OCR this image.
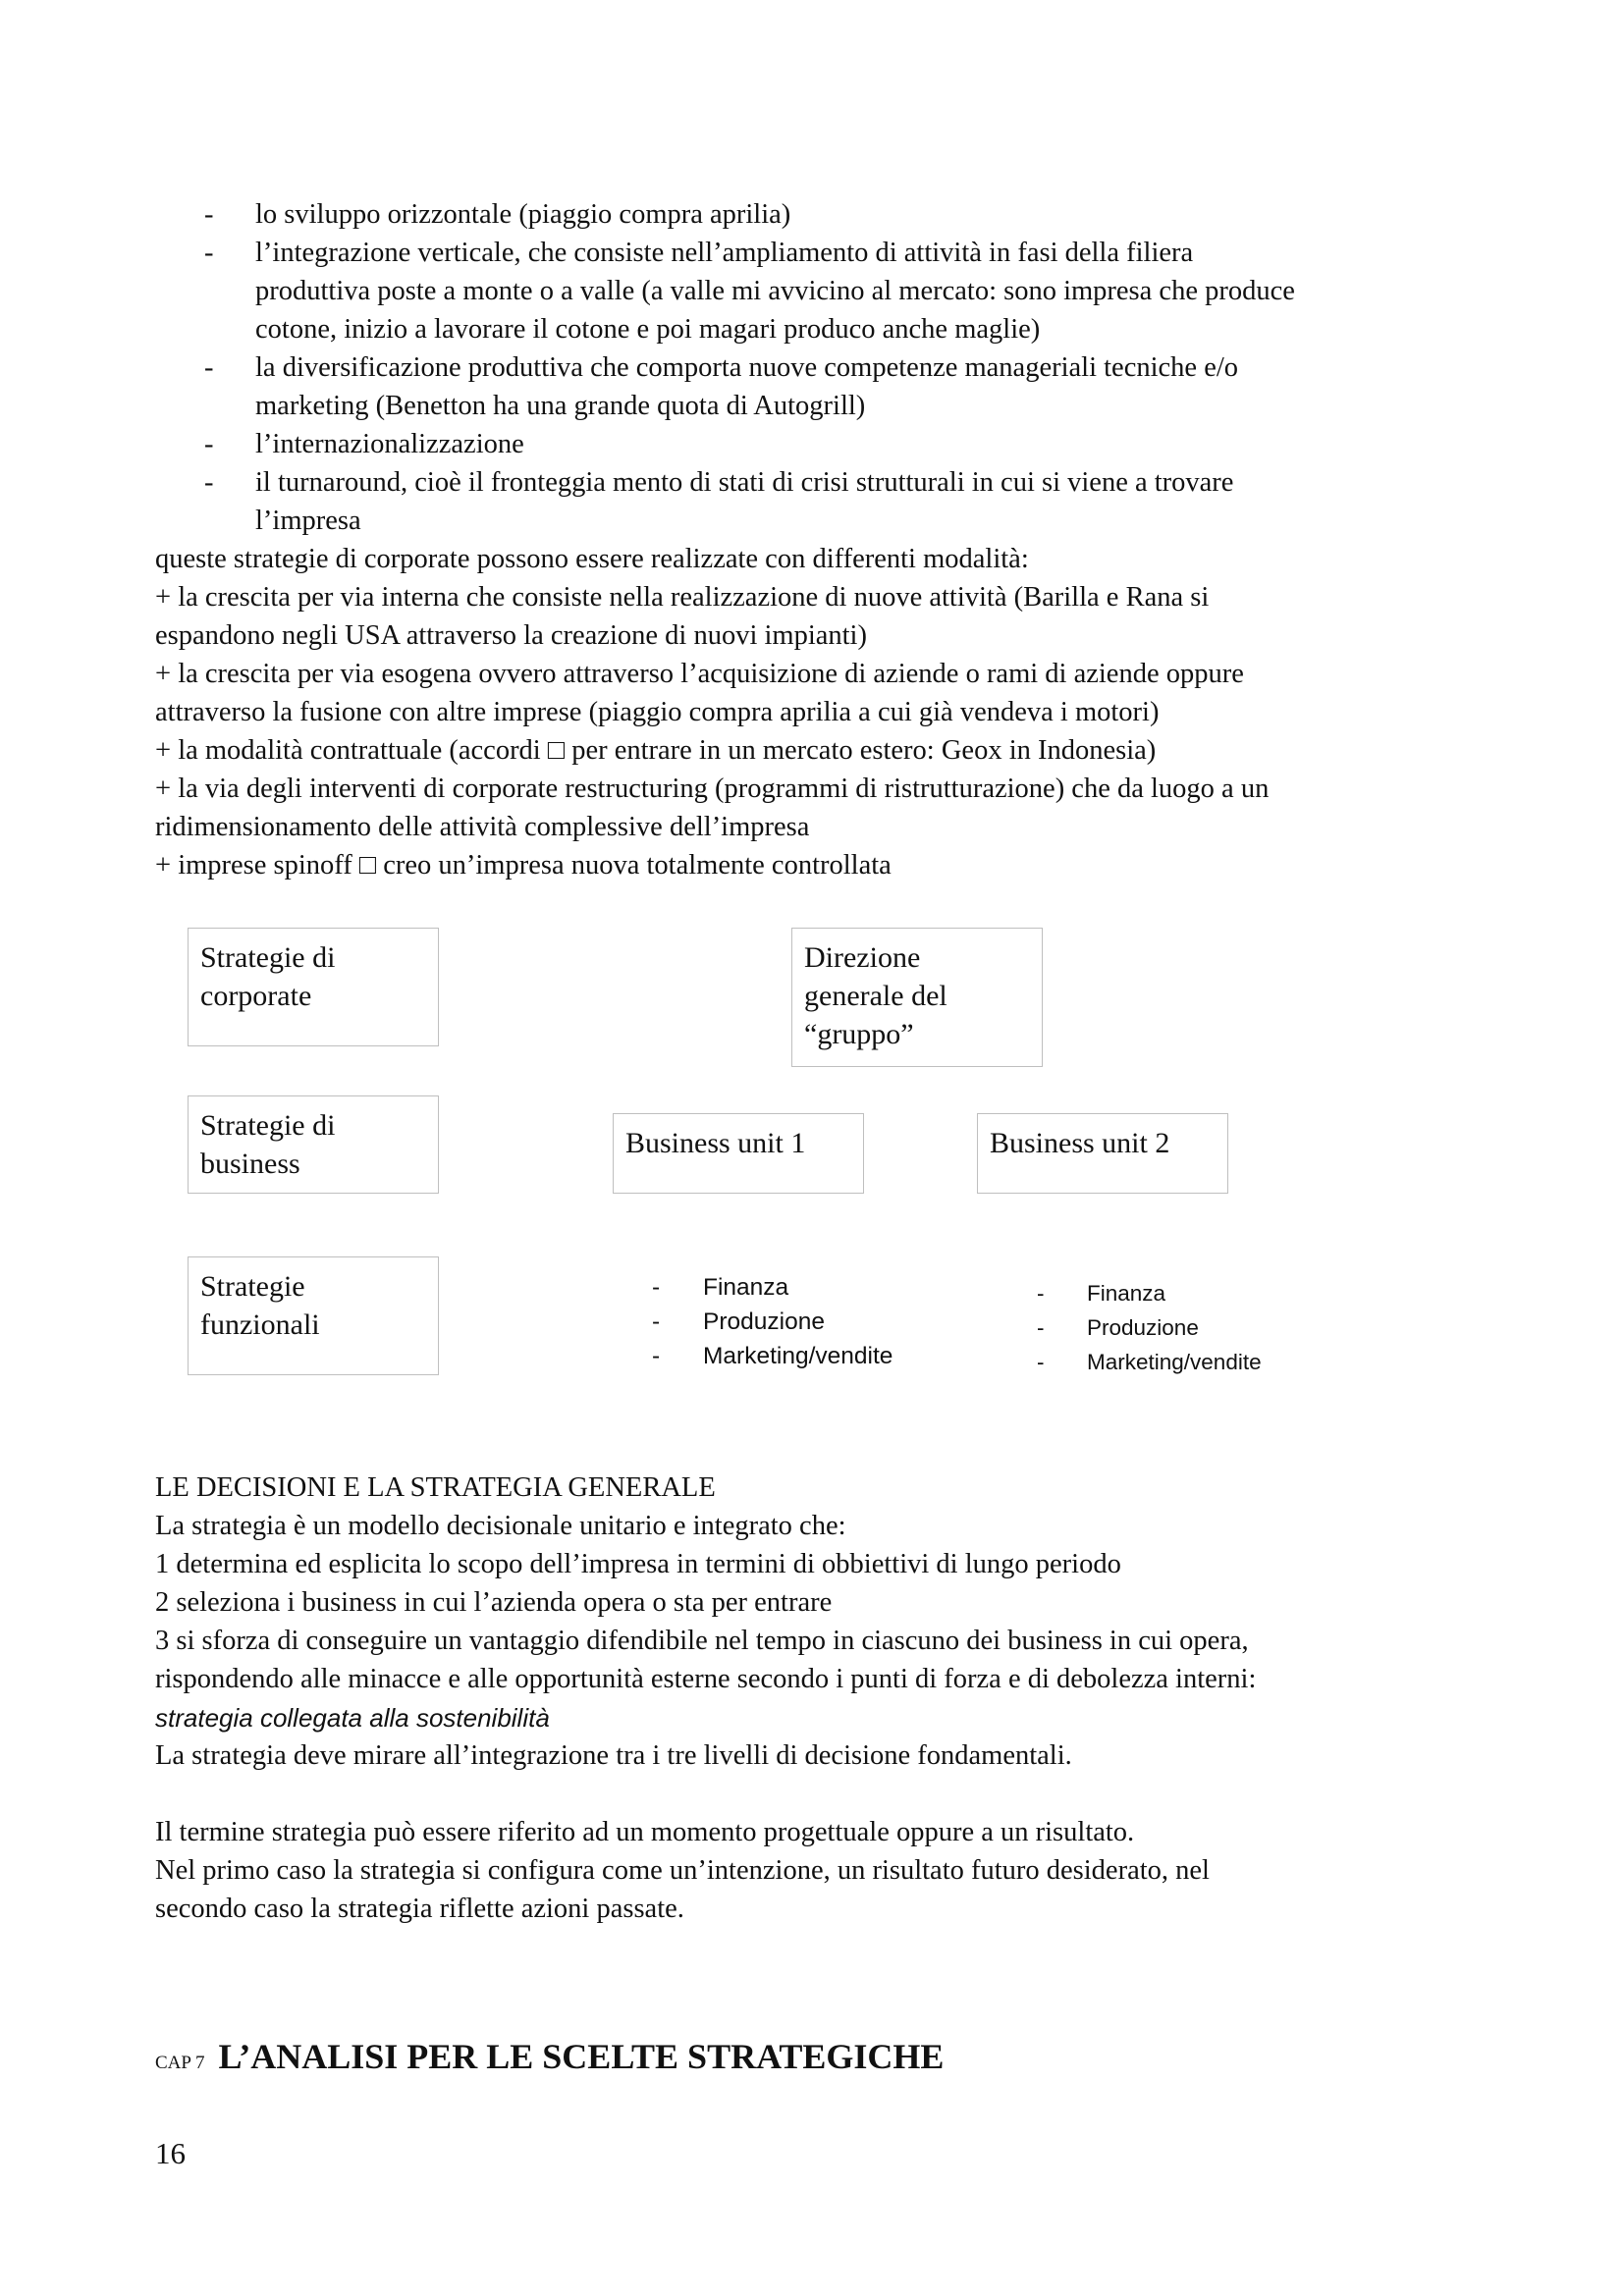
- lo sviluppo orizzontale (piaggio compra aprilia)
- l’integrazione verticale, che consiste nell’ampliamento di attività in fasi della filiera
produttiva poste a monte o a valle (a valle mi avvicino al mercato: sono impresa che produce
cotone, inizio a lavorare il cotone e poi magari produco anche maglie)
- la diversificazione produttiva che comporta nuove competenze manageriali tecniche e/o
marketing (Benetton ha una grande quota di Autogrill)
- l’internazionalizzazione
- il turnaround, cioè il fronteggia mento di stati di crisi strutturali in cui si viene a trovare
l’impresa
queste strategie di corporate possono essere realizzate con differenti modalità:
+ la crescita per via interna che consiste nella realizzazione di nuove attività (Barilla e Rana si
espandono negli USA attraverso la creazione di nuovi impianti)
+ la crescita per via esogena ovvero attraverso l’acquisizione di aziende o rami di aziende oppure
attraverso la fusione con altre imprese (piaggio compra aprilia a cui già vendeva i motori)
+ la modalità contrattuale (accordi □ per entrare in un mercato estero: Geox in Indonesia)
+ la via degli interventi di corporate restructuring (programmi di ristrutturazione) che da luogo a un
ridimensionamento delle attività complessive dell’impresa
+ imprese spinoff □ creo un’impresa nuova totalmente controllata
Strategie di
corporate
Direzione
generale del
“gruppo”
Strategie di
business
Business unit 1	Business unit 2
Strategie
funzionali
- Finanza
- Produzione
- Marketing/vendite
- Finanza
- Produzione
- Marketing/vendite
LE DECISIONI E LA STRATEGIA GENERALE
La strategia è un modello decisionale unitario e integrato che:
1 determina ed esplicita lo scopo dell’impresa in termini di obbiettivi di lungo periodo
2 seleziona i business in cui l’azienda opera o sta per entrare
3 si sforza di conseguire un vantaggio difendibile nel tempo in ciascuno dei business in cui opera,
rispondendo alle minacce e alle opportunità esterne secondo i punti di forza e di debolezza interni:
strategia collegata alla sostenibilità
La strategia deve mirare all’integrazione tra i tre livelli di decisione fondamentali.
Il termine strategia può essere riferito ad un momento progettuale oppure a un risultato.
Nel primo caso la strategia si configura come un’intenzione, un risultato futuro desiderato, nel
secondo caso la strategia riflette azioni passate.
CAP 7 L’ANALISI PER LE SCELTE STRATEGICHE
16
